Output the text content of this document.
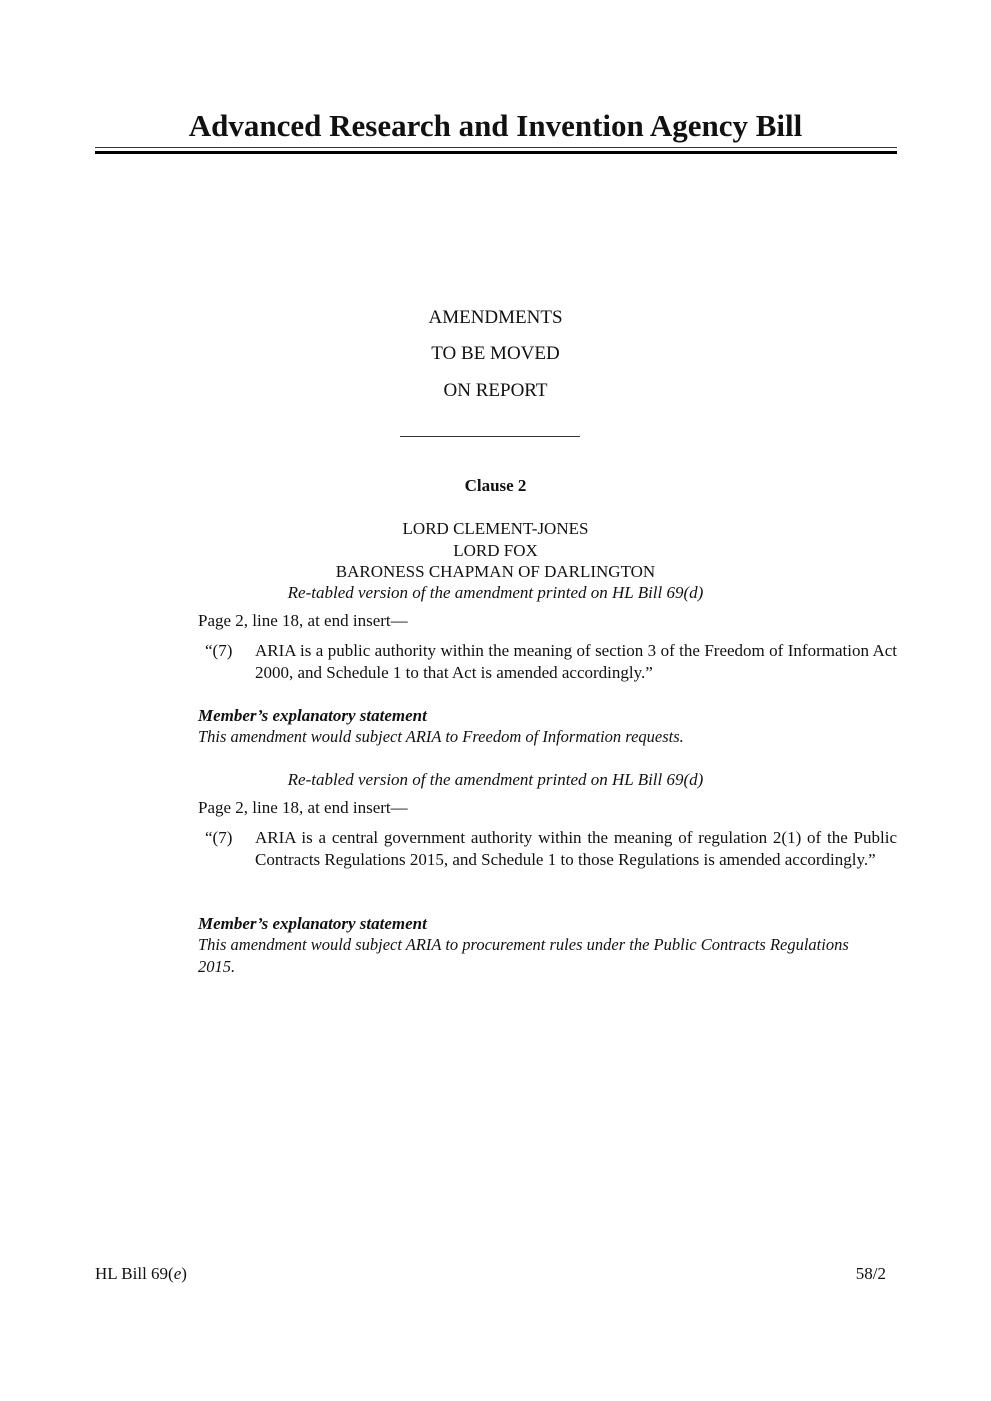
Advanced Research and Invention Agency Bill
AMENDMENTS
TO BE MOVED
ON REPORT
Clause 2
LORD CLEMENT-JONES
LORD FOX
BARONESS CHAPMAN OF DARLINGTON
Re-tabled version of the amendment printed on HL Bill 69(d)
Page 2, line 18, at end insert—
“(7) ARIA is a public authority within the meaning of section 3 of the Freedom of Information Act 2000, and Schedule 1 to that Act is amended accordingly.”
Member’s explanatory statement
This amendment would subject ARIA to Freedom of Information requests.
Re-tabled version of the amendment printed on HL Bill 69(d)
Page 2, line 18, at end insert—
“(7) ARIA is a central government authority within the meaning of regulation 2(1) of the Public Contracts Regulations 2015, and Schedule 1 to those Regulations is amended accordingly.”
Member’s explanatory statement
This amendment would subject ARIA to procurement rules under the Public Contracts Regulations 2015.
HL Bill 69(e)	58/2
